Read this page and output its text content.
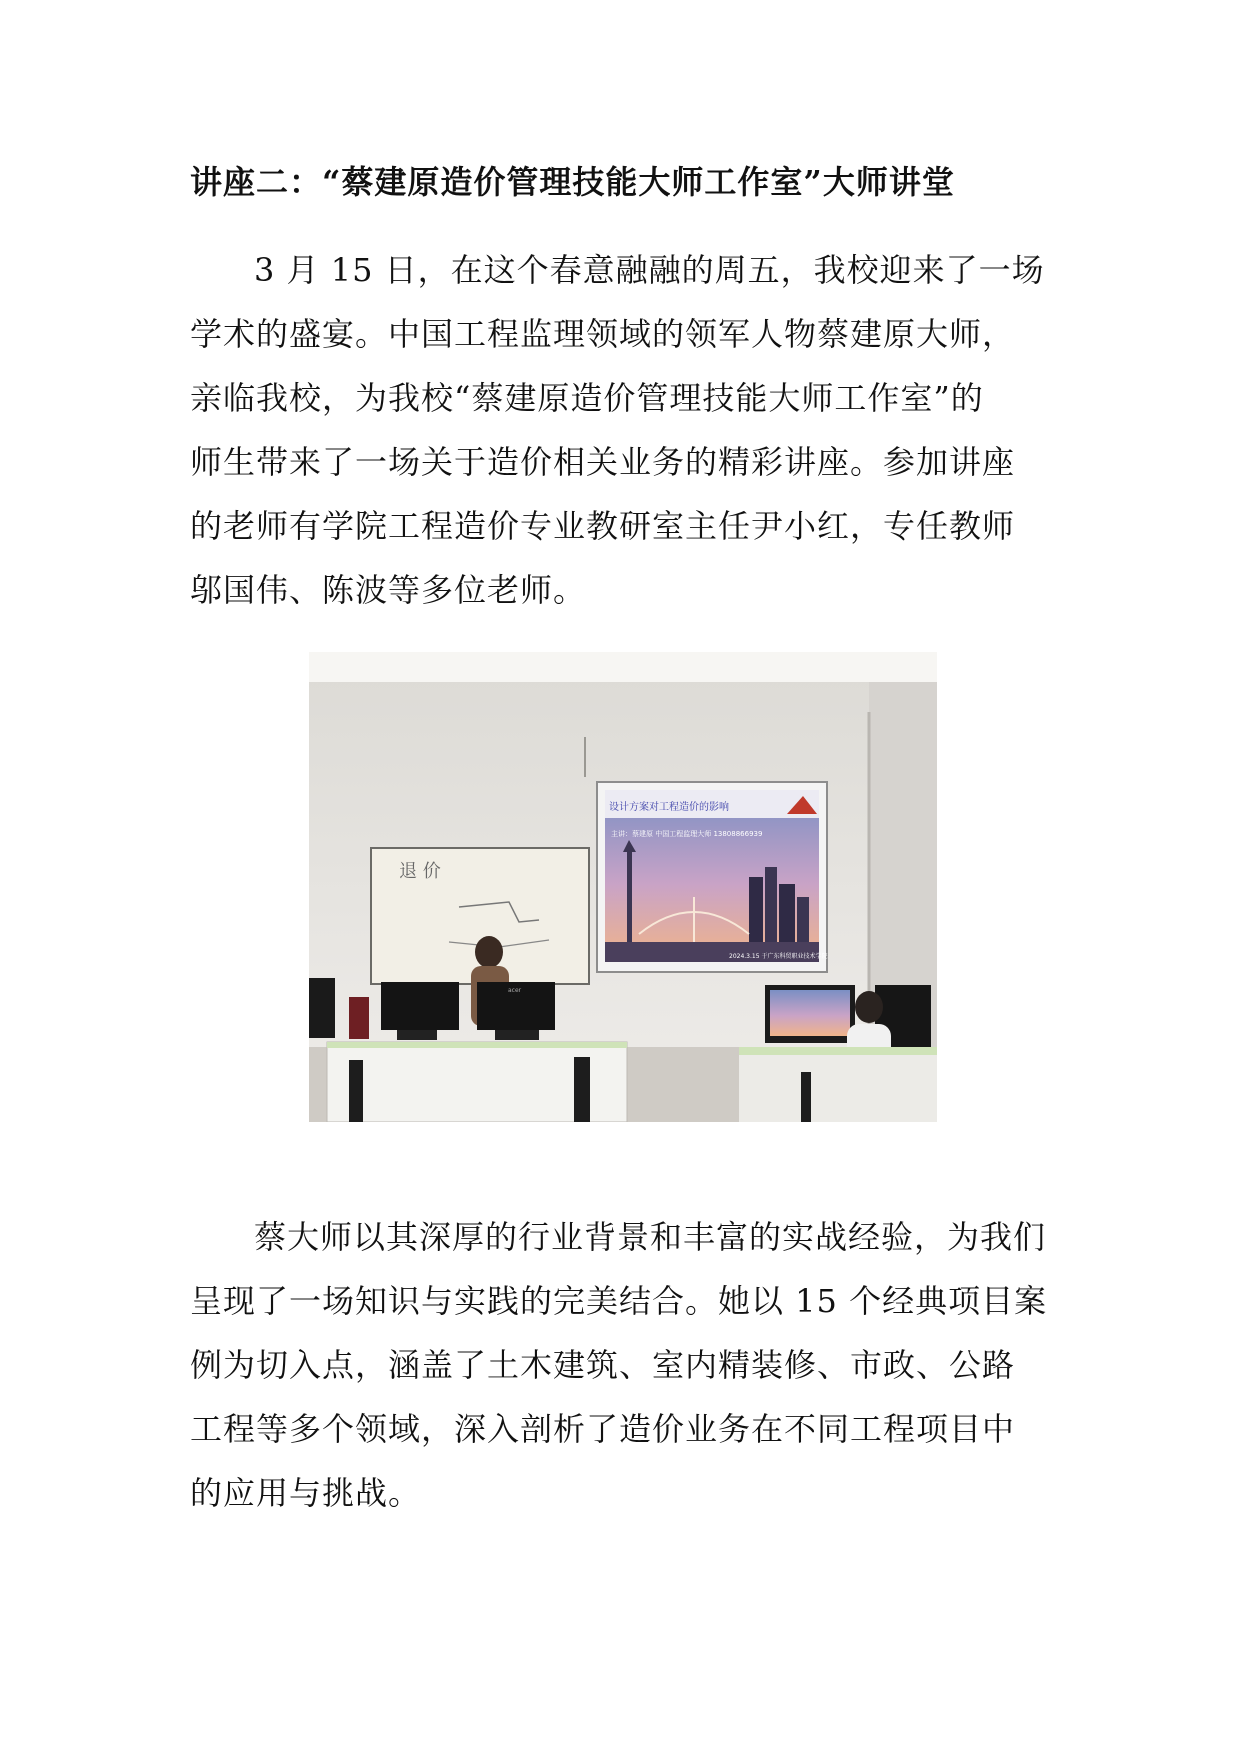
讲座二：“蔡建原造价管理技能大师工作室”大师讲堂
3 月 15 日，在这个春意融融的周五，我校迎来了一场
学术的盛宴。中国工程监理领域的领军人物蔡建原大师，
亲临我校，为我校“蔡建原造价管理技能大师工作室”的
师生带来了一场关于造价相关业务的精彩讲座。参加讲座
的老师有学院工程造价专业教研室主任尹小红，专任教师
邬国伟、陈波等多位老师。
设计方案对工程造价的影响
主讲：蔡建原 中国工程监理大师 13808866939
2024.3.15 于广东科贸职业技术学院
退 价
acer
蔡大师以其深厚的行业背景和丰富的实战经验，为我们
呈现了一场知识与实践的完美结合。她以 15 个经典项目案
例为切入点，涵盖了土木建筑、室内精装修、市政、公路
工程等多个领域，深入剖析了造价业务在不同工程项目中
的应用与挑战。
